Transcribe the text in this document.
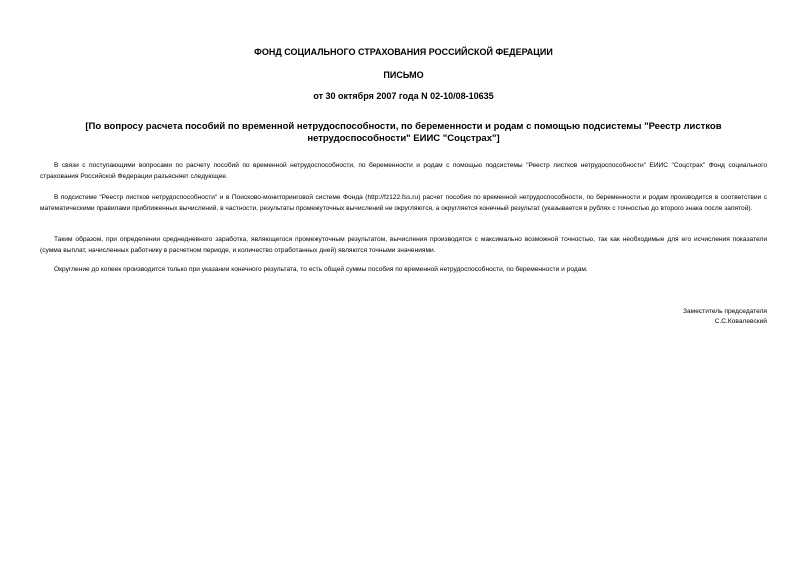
ФОНД СОЦИАЛЬНОГО СТРАХОВАНИЯ РОССИЙСКОЙ ФЕДЕРАЦИИ

ПИСЬМО

от 30 октября 2007 года N 02-10/08-10635

[По вопросу расчета пособий по временной нетрудоспособности, по беременности и родам с помощью подсистемы "Реестр листков нетрудоспособности" ЕИИС "Соцстрах"]

В связи с поступающими вопросами по расчету пособий по временной нетрудоспособности, по беременности и родам с помощью подсистемы "Реестр листков нетрудоспособности" ЕИИС "Соцстрах" Фонд социального страхования Российской Федерации разъясняет следующее.

В подсистеме "Реестр листков нетрудоспособности" и в Поисково-мониторинговой системе Фонда (http://fz122.fss.ru) расчет пособия по временной нетрудоспособности, по беременности и родам производится в соответствии с математическими правилами приближенных вычислений, в частности, результаты промежуточных вычислений не округляются, а округляется конечный результат (указывается в рублях с точностью до второго знака после запятой).

Таким образом, при определении среднедневного заработка, являющегося промежуточным результатом, вычисления производятся с максимально возможной точностью, так как необходимые для его исчисления показатели (сумма выплат, начисленных работнику в расчетном периоде, и количество отработанных дней) являются точными значениями.

Округление до копеек производится только при указании конечного результата, то есть общей суммы пособия по временной нетрудоспособности, по беременности и родам.

Заместитель председателя
С.С.Ковалевский
